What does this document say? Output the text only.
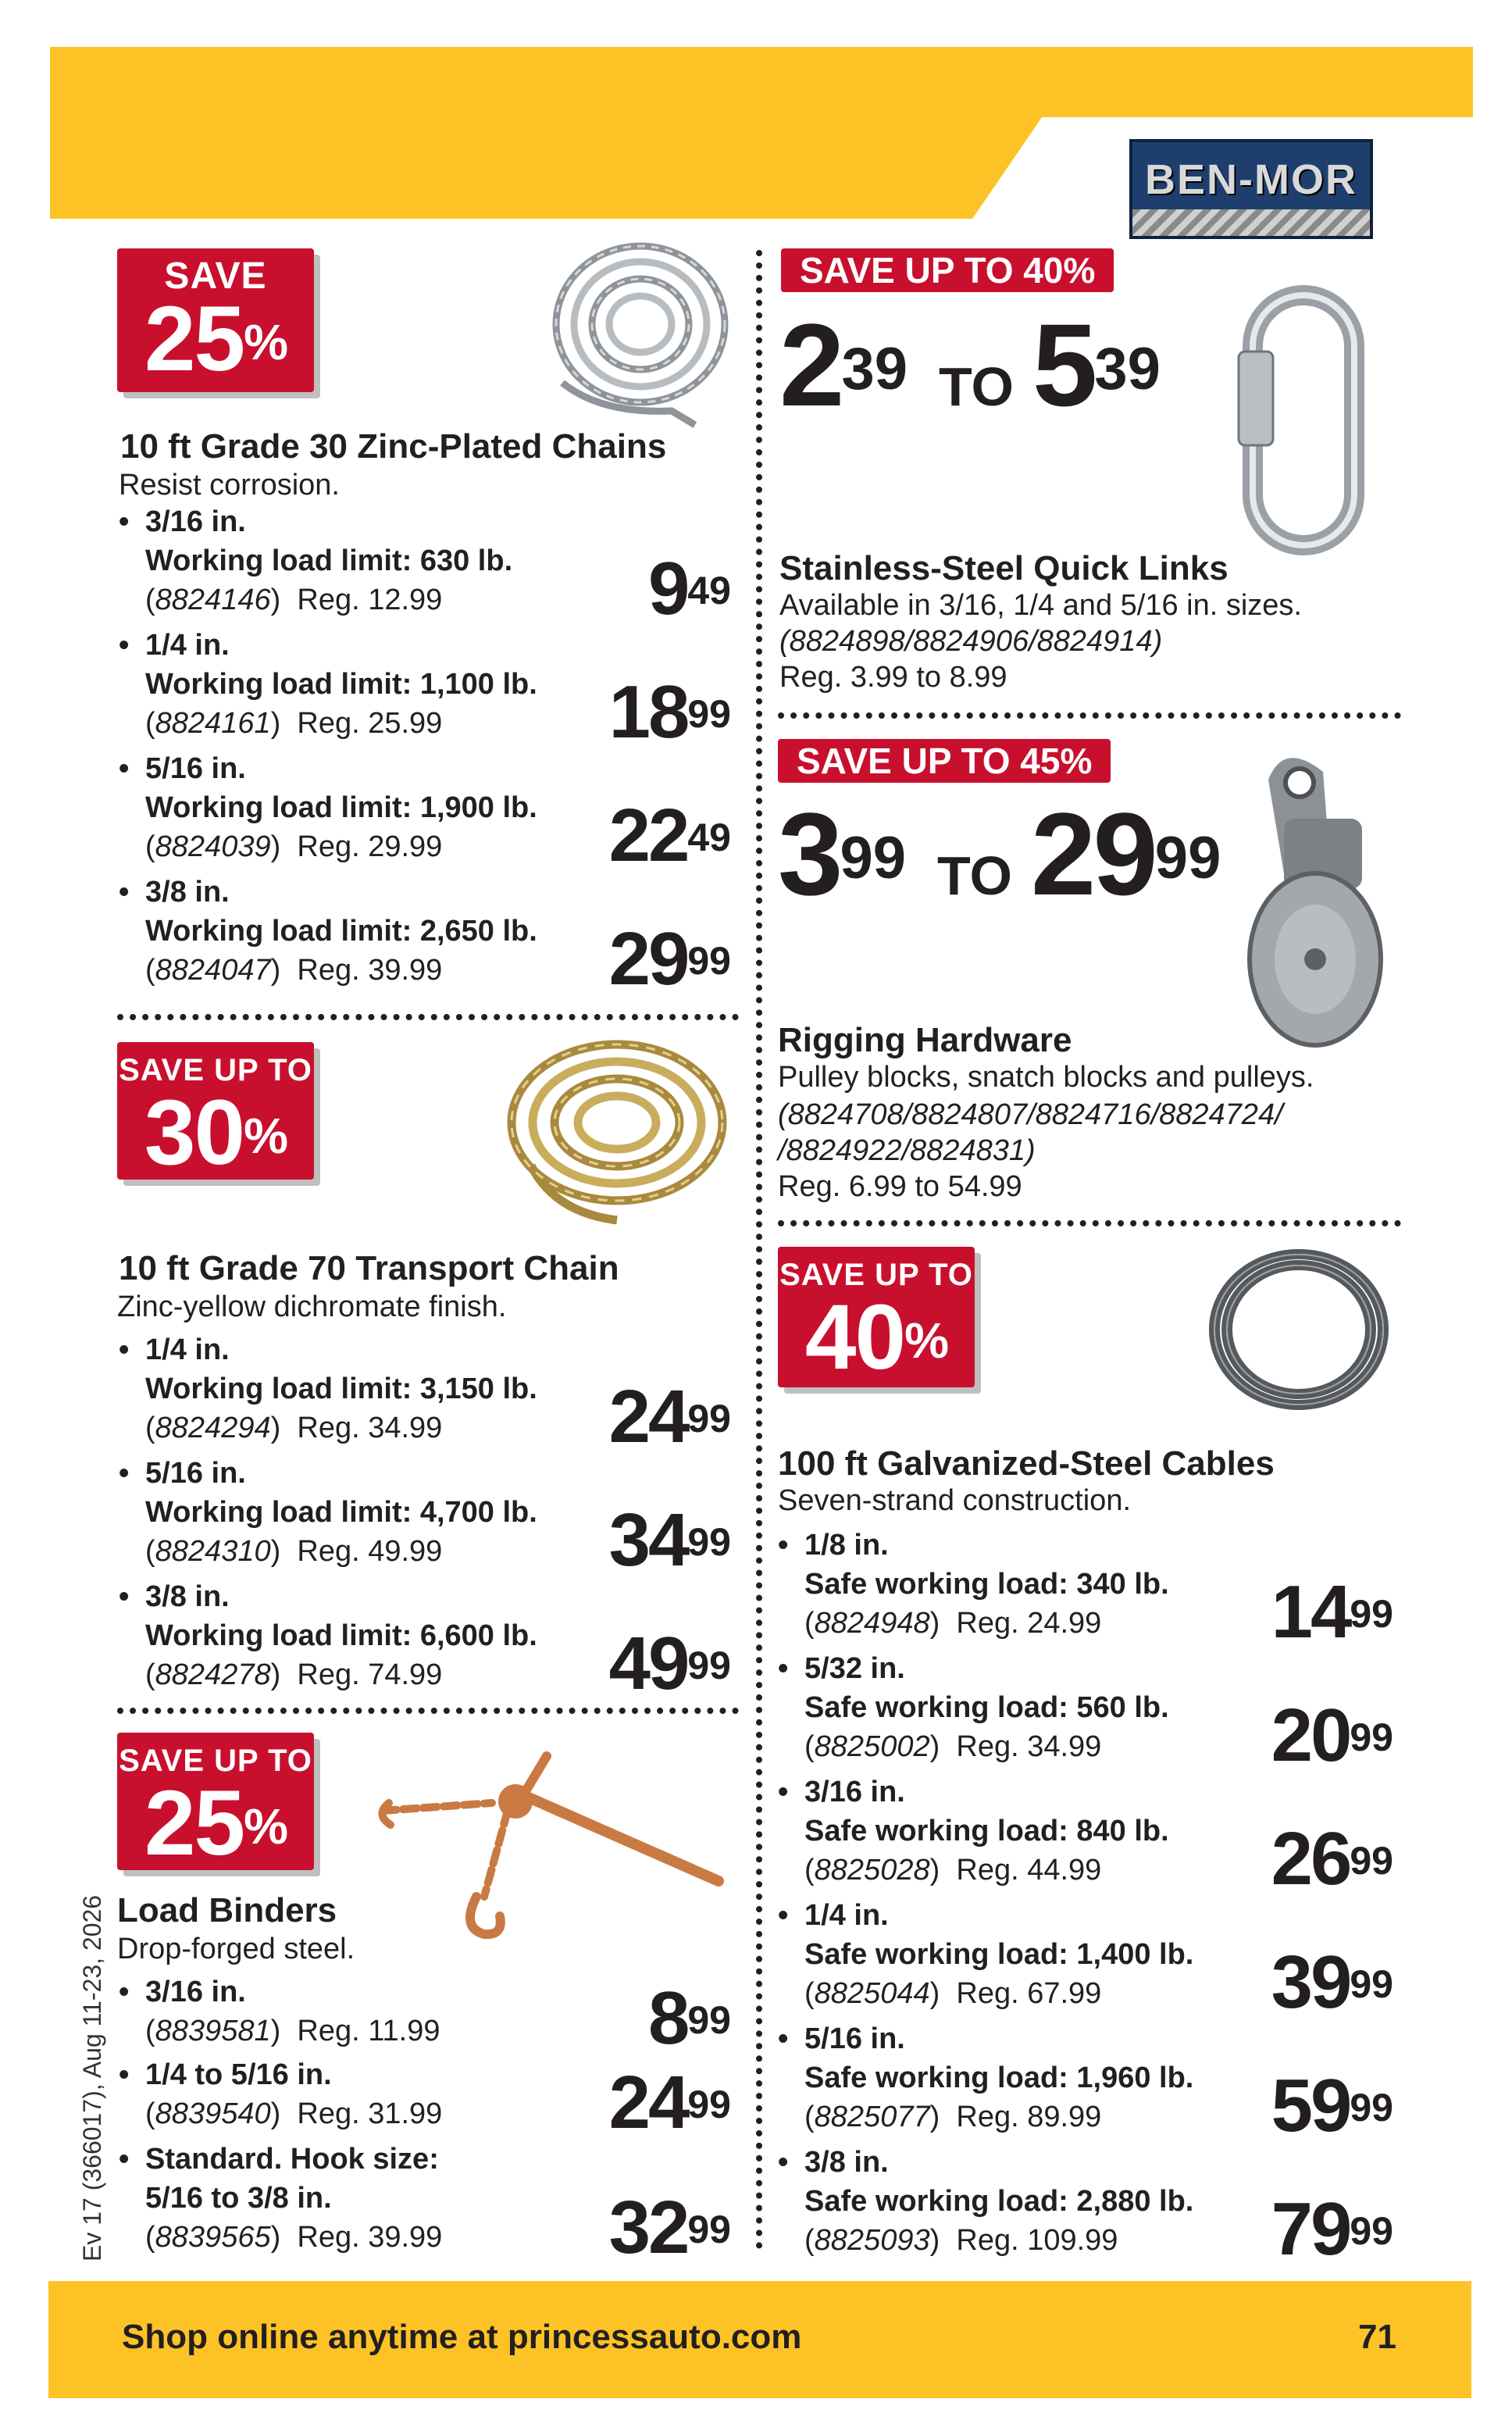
BEN-MOR
SAVE
25%
10 ft Grade 30 Zinc-Plated Chains
Resist corrosion.
• 3/16 in.
Working load limit: 630 lb.
(8824146)  Reg. 12.99	$9^{49}$
• 1/4 in.
Working load limit: 1,100 lb.
(8824161)  Reg. 25.99 $18^{99}$
• 5/16 in.
Working load limit: 1,900 lb.
(8824039)  Reg. 29.99 $22^{49}$
• 3/8 in.
Working load limit: 2,650 lb.
(8824047)  Reg. 39.99 $29^{99}$
SAVE UP TO
30%
10 ft Grade 70 Transport Chain
Zinc-yellow dichromate finish.
• 1/4 in.
Working load limit: 3,150 lb.
(8824294)  Reg. 34.99 $24^{99}$
• 5/16 in.
Working load limit: 4,700 lb.
(8824310)  Reg. 49.99 $34^{99}$
• 3/8 in.
Working load limit: 6,600 lb.
(8824278)  Reg. 74.99 $49^{99}$
SAVE UP TO
25%
Load Binders
Drop-forged steel.
• 3/16 in.
(8839581)  Reg. 11.99	$8^{99}$
• 1/4 to 5/16 in.
(8839540)  Reg. 31.99 $24^{99}$
• Standard. Hook size:
5/16 to 3/8 in.
(8839565)  Reg. 39.99 $32^{99}$
SAVE UP TO 40%
$2^{39}$ TO $5^{39}$
Stainless-Steel Quick Links
Available in 3/16, 1/4 and 5/16 in. sizes.
(8824898/8824906/8824914)
Reg. 3.99 to 8.99
SAVE UP TO 45%
$3^{99}$ TO $29^{99}$
Rigging Hardware
Pulley blocks, snatch blocks and pulleys.
(8824708/8824807/8824716/8824724/
/8824922/8824831)
Reg. 6.99 to 54.99
SAVE UP TO
40%
100 ft Galvanized-Steel Cables
Seven-strand construction.
• 1/8 in.
Safe working load: 340 lb.
(8824948)  Reg. 24.99 $14^{99}$
• 5/32 in.
Safe working load: 560 lb.
(8825002)  Reg. 34.99 $20^{99}$
• 3/16 in.
Safe working load: 840 lb.
(8825028)  Reg. 44.99 $26^{99}$
• 1/4 in.
Safe working load: 1,400 lb.
(8825044)  Reg. 67.99 $39^{99}$
• 5/16 in.
Safe working load: 1,960 lb.
(8825077)  Reg. 89.99 $59^{99}$
• 3/8 in.
Safe working load: 2,880 lb.
(8825093)  Reg. 109.99 $79^{99}$
Ev 17 (366017), Aug 11-23, 2026
Shop online anytime at princessauto.com	71
